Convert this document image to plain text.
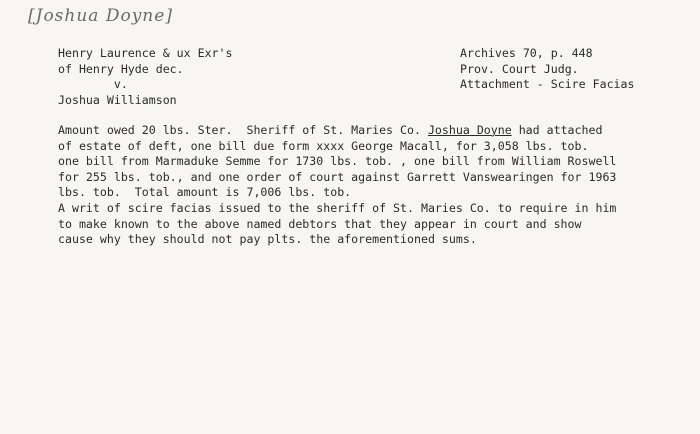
[Joshua Doyne]
Henry Laurence & ux Exr's
of Henry Hyde dec.
v.
Joshua Williamson
Archives 70, p. 448
Prov. Court Judg.
Attachment - Scire Facias
Amount owed 20 lbs. Ster.  Sheriff of St. Maries Co. Joshua Doyne had attached
of estate of deft, one bill due form xxxx George Macall, for 3,058 lbs. tob.
one bill from Marmaduke Semme for 1730 lbs. tob. , one bill from William Roswell
for 255 lbs. tob., and one order of court against Garrett Vanswearingen for 1963
lbs. tob.  Total amount is 7,006 lbs. tob.
A writ of scire facias issued to the sheriff of St. Maries Co. to require in him
to make known to the above named debtors that they appear in court and show
cause why they should not pay plts. the aforementioned sums.
